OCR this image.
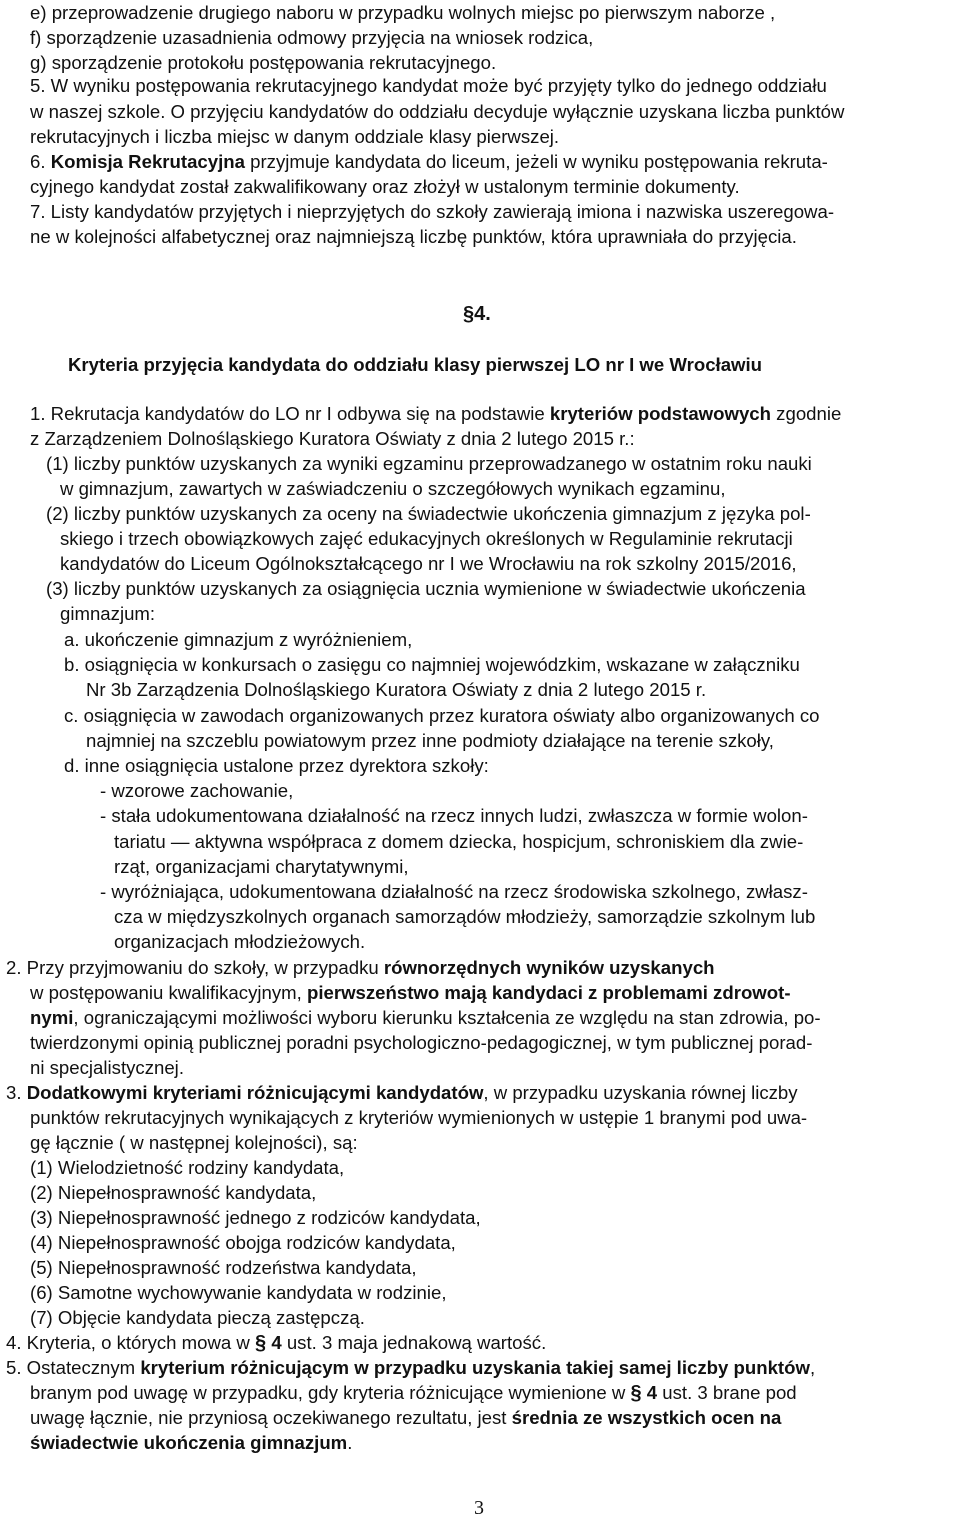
e) przeprowadzenie drugiego naboru w przypadku wolnych miejsc po pierwszym naborze ,
f) sporządzenie uzasadnienia odmowy przyjęcia na wniosek rodzica,
g) sporządzenie protokołu postępowania rekrutacyjnego.
5. W wyniku postępowania rekrutacyjnego kandydat może być przyjęty tylko do jednego oddziału
w naszej szkole. O przyjęciu kandydatów do oddziału decyduje wyłącznie uzyskana liczba punktów
rekrutacyjnych i liczba miejsc w danym oddziale klasy pierwszej.
6. Komisja Rekrutacyjna przyjmuje kandydata do liceum, jeżeli w wyniku postępowania rekruta-
cyjnego kandydat został zakwalifikowany oraz złożył w ustalonym terminie dokumenty.
7. Listy kandydatów przyjętych i nieprzyjętych do szkoły zawierają imiona i nazwiska uszeregowa-
ne w kolejności alfabetycznej oraz najmniejszą liczbę punktów, która uprawniała do przyjęcia.
§4.
Kryteria przyjęcia kandydata do oddziału klasy pierwszej LO nr I we Wrocławiu
1. Rekrutacja kandydatów do LO nr I odbywa się na podstawie kryteriów podstawowych zgodnie
z Zarządzeniem Dolnośląskiego Kuratora Oświaty z dnia 2 lutego 2015 r.:
(1) liczby punktów uzyskanych za wyniki egzaminu przeprowadzanego w ostatnim roku nauki
w gimnazjum, zawartych w zaświadczeniu o szczegółowych wynikach egzaminu,
(2) liczby punktów uzyskanych za oceny na świadectwie ukończenia gimnazjum z języka pol-
skiego i trzech obowiązkowych zajęć edukacyjnych określonych w Regulaminie rekrutacji
kandydatów do Liceum Ogólnokształcącego nr I we Wrocławiu na rok szkolny 2015/2016,
(3) liczby punktów uzyskanych za osiągnięcia ucznia wymienione w świadectwie ukończenia
gimnazjum:
a. ukończenie gimnazjum z wyróżnieniem,
b. osiągnięcia w konkursach o zasięgu co najmniej wojewódzkim, wskazane w załączniku
Nr 3b Zarządzenia Dolnośląskiego Kuratora Oświaty z dnia 2 lutego 2015 r.
c. osiągnięcia w zawodach organizowanych przez kuratora oświaty albo organizowanych co
najmniej na szczeblu powiatowym przez inne podmioty działające na terenie szkoły,
d. inne osiągnięcia ustalone przez dyrektora szkoły:
- wzorowe zachowanie,
- stała udokumentowana działalność na rzecz innych ludzi, zwłaszcza w formie wolon-
tariatu — aktywna współpraca z domem dziecka, hospicjum, schroniskiem dla zwie-
rząt, organizacjami charytatywnymi,
- wyróżniająca, udokumentowana działalność na rzecz środowiska szkolnego, zwłasz-
cza w międzyszkolnych organach samorządów młodzieży, samorządzie szkolnym lub
organizacjach młodzieżowych.
2. Przy przyjmowaniu do szkoły, w przypadku równorzędnych wyników uzyskanych
w postępowaniu kwalifikacyjnym, pierwszeństwo mają kandydaci z problemami zdrowot-
nymi, ograniczającymi możliwości wyboru kierunku kształcenia ze względu na stan zdrowia, po-
twierdzonymi opinią publicznej poradni psychologiczno-pedagogicznej, w tym publicznej porad-
ni specjalistycznej.
3. Dodatkowymi kryteriami różnicującymi kandydatów, w przypadku uzyskania równej liczby
punktów rekrutacyjnych wynikających z kryteriów wymienionych w ustępie 1 branymi pod uwa-
gę łącznie ( w następnej kolejności), są:
(1) Wielodzietność rodziny kandydata,
(2) Niepełnosprawność kandydata,
(3) Niepełnosprawność jednego z rodziców kandydata,
(4) Niepełnosprawność obojga rodziców kandydata,
(5) Niepełnosprawność rodzeństwa kandydata,
(6) Samotne wychowywanie kandydata w rodzinie,
(7) Objęcie kandydata pieczą zastępczą.
4. Kryteria, o których mowa w § 4 ust. 3 maja jednakową wartość.
5. Ostatecznym kryterium różnicującym w przypadku uzyskania takiej samej liczby punktów,
branym pod uwagę w przypadku, gdy kryteria różnicujące wymienione w § 4 ust. 3 brane pod
uwagę łącznie, nie przyniosą oczekiwanego rezultatu, jest średnia ze wszystkich ocen na
świadectwie ukończenia gimnazjum.
3
